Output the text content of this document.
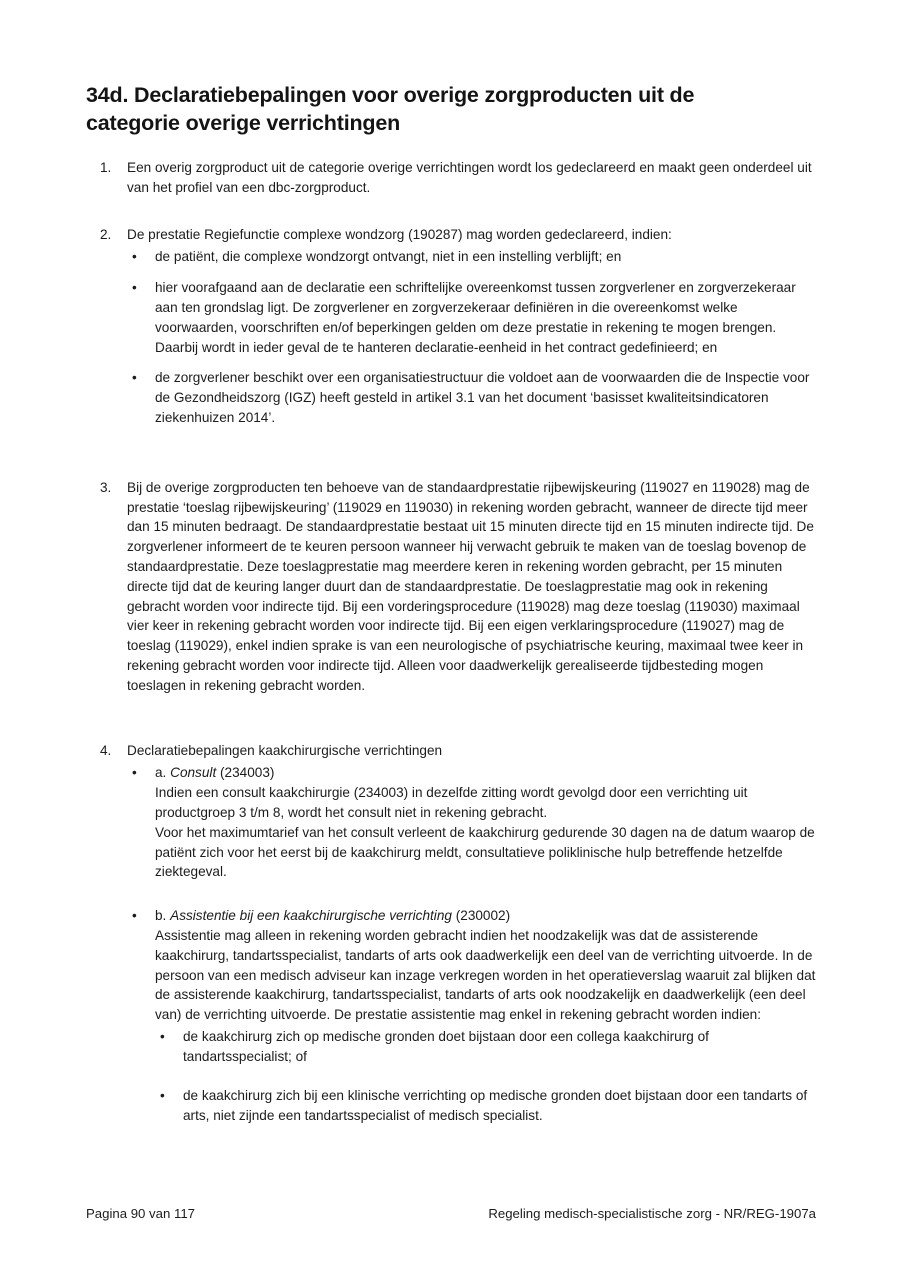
34d. Declaratiebepalingen voor overige zorgproducten uit de categorie overige verrichtingen
1.	Een overig zorgproduct uit de categorie overige verrichtingen wordt los gedeclareerd en maakt geen onderdeel uit van het profiel van een dbc-zorgproduct.

2.	De prestatie Regiefunctie complexe wondzorg (190287) mag worden gedeclareerd, indien:

•	de patiënt, die complexe wondzorgt ontvangt, niet in een instelling verblijft; en

•	hier voorafgaand aan de declaratie een schriftelijke overeenkomst tussen zorgverlener en zorgverzekeraar aan ten grondslag ligt. De zorgverlener en zorgverzekeraar definiëren in die overeenkomst welke voorwaarden, voorschriften en/of beperkingen gelden om deze prestatie in rekening te mogen brengen. Daarbij wordt in ieder geval de te hanteren declaratie-eenheid in het contract gedefinieerd; en

•	de zorgverlener beschikt over een organisatiestructuur die voldoet aan de voorwaarden die de Inspectie voor de Gezondheidszorg (IGZ) heeft gesteld in artikel 3.1 van het document ‘basisset kwaliteitsindicatoren ziekenhuizen 2014’.

3.	Bij de overige zorgproducten ten behoeve van de standaardprestatie rijbewijskeuring (119027 en 119028) mag de prestatie ‘toeslag rijbewijskeuring’ (119029 en 119030) in rekening worden gebracht, wanneer de directe tijd meer dan 15 minuten bedraagt. De standaardprestatie bestaat uit 15 minuten directe tijd en 15 minuten indirecte tijd. De zorgverlener informeert de te keuren persoon wanneer hij verwacht gebruik te maken van de toeslag bovenop de standaardprestatie. Deze toeslagprestatie mag meerdere keren in rekening worden gebracht, per 15 minuten directe tijd dat de keuring langer duurt dan de standaardprestatie. De toeslagprestatie mag ook in rekening gebracht worden voor indirecte tijd. Bij een vorderingsprocedure (119028) mag deze toeslag (119030) maximaal vier keer in rekening gebracht worden voor indirecte tijd. Bij een eigen verklaringsprocedure (119027) mag de toeslag (119029), enkel indien sprake is van een neurologische of psychiatrische keuring, maximaal twee keer in rekening gebracht worden voor indirecte tijd. Alleen voor daadwerkelijk gerealiseerde tijdbesteding mogen toeslagen in rekening gebracht worden.

4.	Declaratiebepalingen kaakchirurgische verrichtingen

•	a. Consult (234003)

Indien een consult kaakchirurgie (234003) in dezelfde zitting wordt gevolgd door een verrichting uit productgroep 3 t/m 8, wordt het consult niet in rekening gebracht.

Voor het maximumtarief van het consult verleent de kaakchirurg gedurende 30 dagen na de datum waarop de patiënt zich voor het eerst bij de kaakchirurg meldt, consultatieve poliklinische hulp betreffende hetzelfde ziektegeval.

•	b. Assistentie bij een kaakchirurgische verrichting (230002)

Assistentie mag alleen in rekening worden gebracht indien het noodzakelijk was dat de assisterende kaakchirurg, tandartsspecialist, tandarts of arts ook daadwerkelijk een deel van de verrichting uitvoerde. In de persoon van een medisch adviseur kan inzage verkregen worden in het operatieverslag waaruit zal blijken dat de assisterende kaakchirurg, tandartsspecialist, tandarts of arts ook noodzakelijk en daadwerkelijk (een deel van) de verrichting uitvoerde. De prestatie assistentie mag enkel in rekening gebracht worden indien:

•	de kaakchirurg zich op medische gronden doet bijstaan door een collega kaakchirurg of tandartsspecialist; of

•	de kaakchirurg zich bij een klinische verrichting op medische gronden doet bijstaan door een tandarts of arts, niet zijnde een tandartsspecialist of medisch specialist.

Pagina 90 van 117	Regeling medisch-specialistische zorg - NR/REG-1907a
